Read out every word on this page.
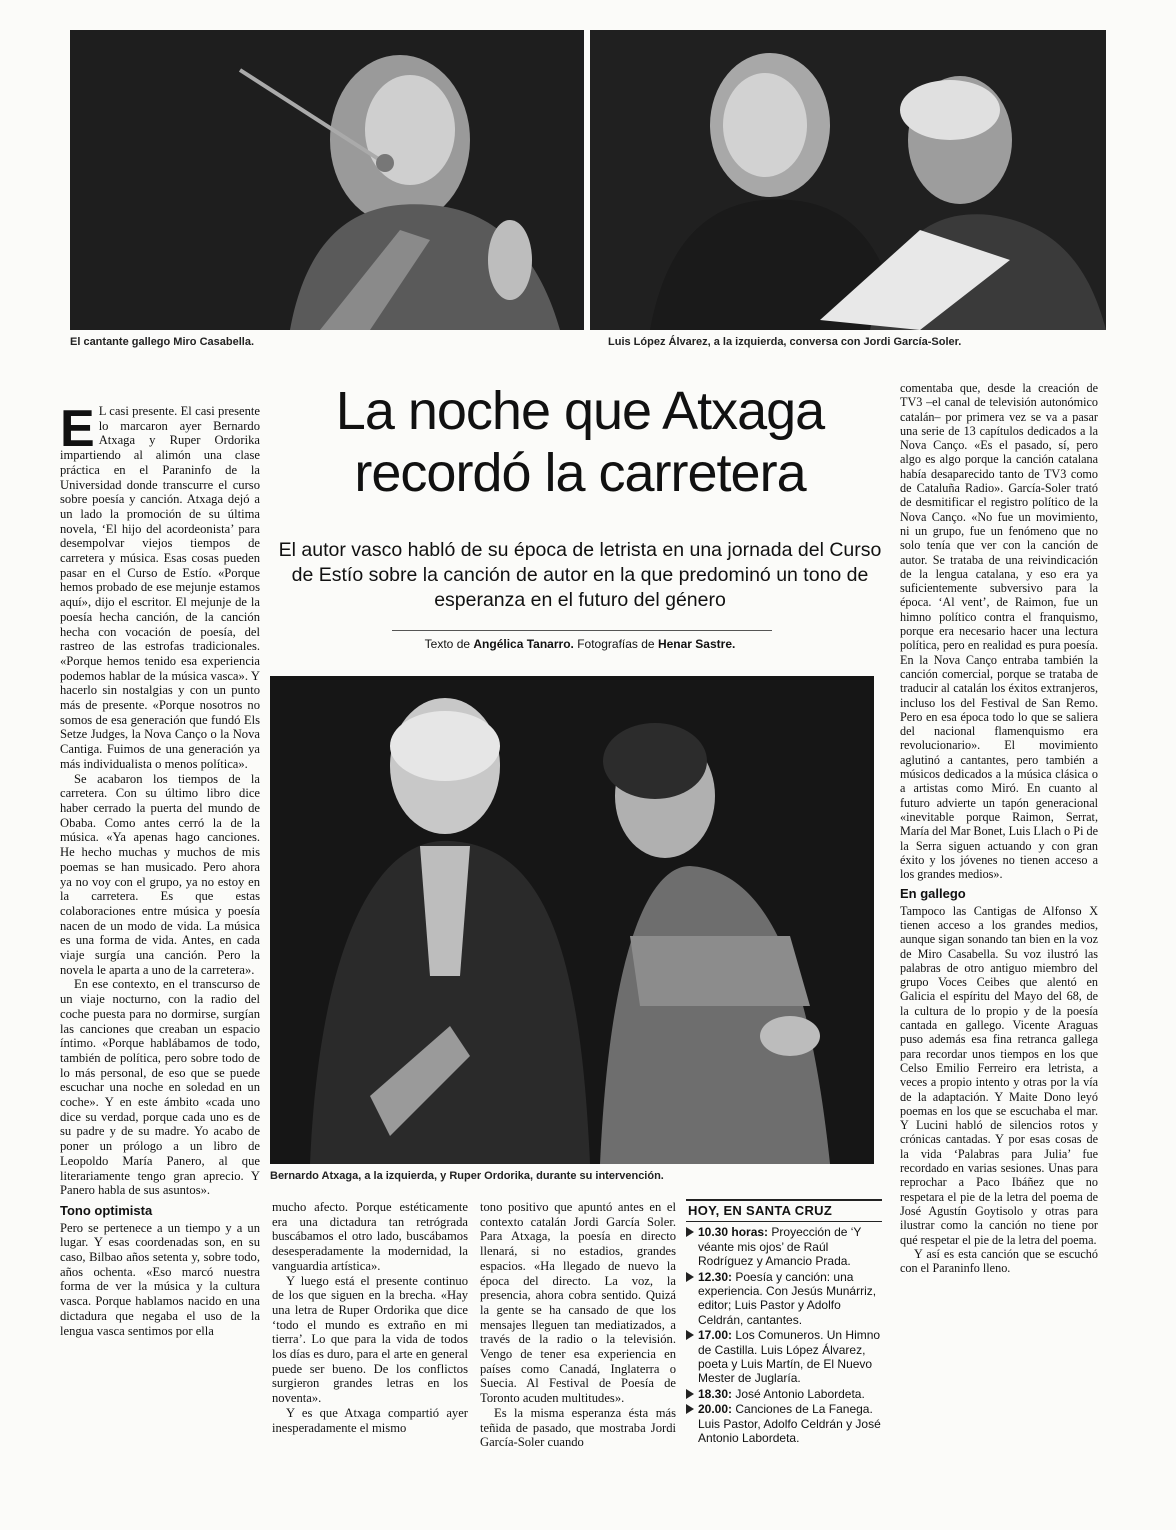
El cantante gallego Miro Casabella.	Luis López Álvarez, a la izquierda, conversa con Jordi García-Soler.
La noche que Atxaga
recordó la carretera
El autor vasco habló de su época de letrista en una jornada del Curso de Estío sobre la canción de autor en la que predominó un tono de esperanza en el futuro del género
Texto de Angélica Tanarro. Fotografías de Henar Sastre.
Bernardo Atxaga, a la izquierda, y Ruper Ordorika, durante su intervención.

E L casi presente. El casi presente lo marcaron ayer Bernardo Atxaga y Ruper Ordorika impartiendo al alimón una clase práctica en el Paraninfo de la Universidad donde transcurre el curso sobre poesía y canción. Atxaga dejó a un lado la promoción de su última novela, ‘El hijo del acordeonista’ para desempolvar viejos tiempos de carretera y música. Esas cosas pueden pasar en el Curso de Estío. «Porque hemos probado de ese mejunje estamos aquí», dijo el escritor. El mejunje de la poesía hecha canción, de la canción hecha con vocación de poesía, del rastreo de las estrofas tradicionales. «Porque hemos tenido esa experiencia podemos hablar de la música vasca». Y hacerlo sin nostalgias y con un punto más de presente. «Porque nosotros no somos de esa generación que fundó Els Setze Judges, la Nova Canço o la Nova Cantiga. Fuimos de una generación ya más individualista o menos política».

Se acabaron los tiempos de la carretera. Con su último libro dice haber cerrado la puerta del mundo de Obaba. Como antes cerró la de la música. «Ya apenas hago canciones. He hecho muchas y muchos de mis poemas se han musicado. Pero ahora ya no voy con el grupo, ya no estoy en la carretera. Es que estas colaboraciones entre música y poesía nacen de un modo de vida. La música es una forma de vida. Antes, en cada viaje surgía una canción. Pero la novela le aparta a uno de la carretera».

En ese contexto, en el transcurso de un viaje nocturno, con la radio del coche puesta para no dormirse, surgían las canciones que creaban un espacio íntimo. «Porque hablábamos de todo, también de política, pero sobre todo de lo más personal, de eso que se puede escuchar una noche en soledad en un coche». Y en este ámbito «cada uno dice su verdad, porque cada uno es de su padre y de su madre. Yo acabo de poner un prólogo a un libro de Leopoldo María Panero, al que literariamente tengo gran aprecio. Y Panero habla de sus asuntos».

Tono optimista

Pero se pertenece a un tiempo y a un lugar. Y esas coordenadas son, en su caso, Bilbao años setenta y, sobre todo, años ochenta. «Eso marcó nuestra forma de ver la música y la cultura vasca. Porque hablamos nacido en una dictadura que negaba el uso de la lengua vasca sentimos por ella

mucho afecto. Porque estéticamente era una dictadura tan retrógrada buscábamos el otro lado, buscábamos desesperadamente la modernidad, la vanguardia artística».

Y luego está el presente continuo de los que siguen en la brecha. «Hay una letra de Ruper Ordorika que dice ‘todo el mundo es extraño en mi tierra’. Lo que para la vida de todos los días es duro, para el arte en general puede ser bueno. De los conflictos surgieron grandes letras en los noventa».

Y es que Atxaga compartió ayer inesperadamente el mismo

tono positivo que apuntó antes en el contexto catalán Jordi García Soler. Para Atxaga, la poesía en directo llenará, si no estadios, grandes espacios. «Ha llegado de nuevo la época del directo. La voz, la presencia, ahora cobra sentido. Quizá la gente se ha cansado de que los mensajes lleguen tan mediatizados, a través de la radio o la televisión. Vengo de tener esa experiencia en países como Canadá, Inglaterra o Suecia. Al Festival de Poesía de Toronto acuden multitudes».

Es la misma esperanza ésta más teñida de pasado, que mostraba Jordi García-Soler cuando

HOY, EN SANTA CRUZ
10.30 horas: Proyección de ‘Y véante mis ojos’ de Raúl Rodríguez y Amancio Prada.
12.30: Poesía y canción: una experiencia. Con Jesús Munárriz, editor; Luis Pastor y Adolfo Celdrán, cantantes.
17.00: Los Comuneros. Un Himno de Castilla. Luis López Álvarez, poeta y Luis Martín, de El Nuevo Mester de Juglaría.
18.30: José Antonio Labordeta.
20.00: Canciones de La Fanega. Luis Pastor, Adolfo Celdrán y José Antonio Labordeta.

comentaba que, desde la creación de TV3 –el canal de televisión autonómico catalán– por primera vez se va a pasar una serie de 13 capítulos dedicados a la Nova Canço. «Es el pasado, sí, pero algo es algo porque la canción catalana había desaparecido tanto de TV3 como de Cataluña Radio». García-Soler trató de desmitificar el registro político de la Nova Canço. «No fue un movimiento, ni un grupo, fue un fenómeno que no solo tenía que ver con la canción de autor. Se trataba de una reivindicación de la lengua catalana, y eso era ya suficientemente subversivo para la época. ‘Al vent’, de Raimon, fue un himno político contra el franquismo, porque era necesario hacer una lectura política, pero en realidad es pura poesía. En la Nova Canço entraba también la canción comercial, porque se trataba de traducir al catalán los éxitos extranjeros, incluso los del Festival de San Remo. Pero en esa época todo lo que se saliera del nacional flamenquismo era revolucionario». El movimiento aglutinó a cantantes, pero también a músicos dedicados a la música clásica o a artistas como Miró. En cuanto al futuro advierte un tapón generacional «inevitable porque Raimon, Serrat, María del Mar Bonet, Luis Llach o Pi de la Serra siguen actuando y con gran éxito y los jóvenes no tienen acceso a los grandes medios».

En gallego

Tampoco las Cantigas de Alfonso X tienen acceso a los grandes medios, aunque sigan sonando tan bien en la voz de Miro Casabella. Su voz ilustró las palabras de otro antiguo miembro del grupo Voces Ceibes que alentó en Galicia el espíritu del Mayo del 68, de la cultura de lo propio y de la poesía cantada en gallego. Vicente Araguas puso además esa fina retranca gallega para recordar unos tiempos en los que Celso Emilio Ferreiro era letrista, a veces a propio intento y otras por la vía de la adaptación. Y Maite Dono leyó poemas en los que se escuchaba el mar. Y Lucini habló de silencios rotos y crónicas cantadas. Y por esas cosas de la vida ‘Palabras para Julia’ fue recordado en varias sesiones. Unas para reprochar a Paco Ibáñez que no respetara el pie de la letra del poema de José Agustín Goytisolo y otras para ilustrar como la canción no tiene por qué respetar el pie de la letra del poema.

Y así es esta canción que se escuchó con el Paraninfo lleno.
